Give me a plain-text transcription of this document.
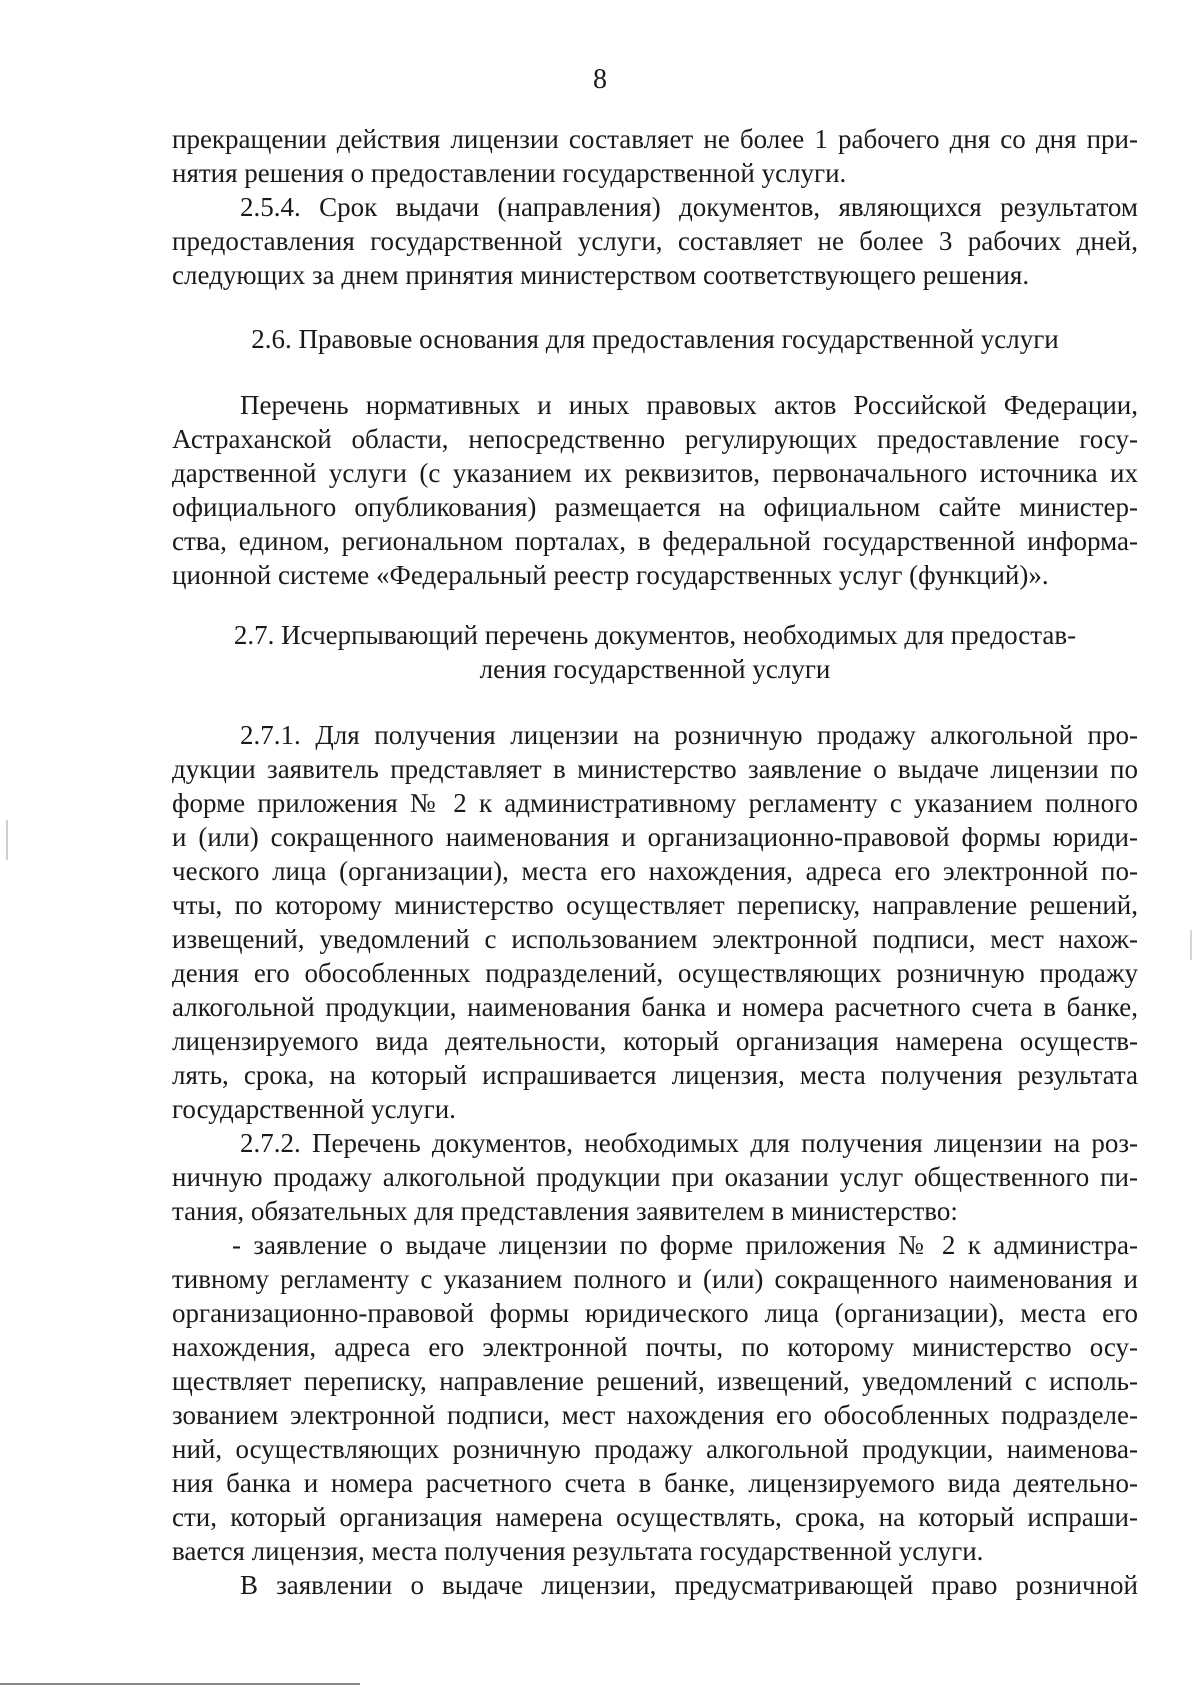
8
прекращении действия лицензии составляет не более 1 рабочего дня со дня при-
нятия решения о предоставлении государственной услуги.
2.5.4. Срок выдачи (направления) документов, являющихся результатом
предоставления государственной услуги, составляет не более 3 рабочих дней,
следующих за днем принятия министерством соответствующего решения.
Перечень нормативных и иных правовых актов Российской Федерации,
Астраханской области, непосредственно регулирующих предоставление госу-
дарственной услуги (с указанием их реквизитов, первоначального источника их
официального опубликования) размещается на официальном сайте министер-
ства, едином, региональном порталах, в федеральной государственной информа-
ционной системе «Федеральный реестр государственных услуг (функций)».
2.7.1. Для получения лицензии на розничную продажу алкогольной про-
дукции заявитель представляет в министерство заявление о выдаче лицензии по
форме приложения № 2 к административному регламенту с указанием полного
и (или) сокращенного наименования и организационно-правовой формы юриди-
ческого лица (организации), места его нахождения, адреса его электронной по-
чты, по которому министерство осуществляет переписку, направление решений,
извещений, уведомлений с использованием электронной подписи, мест нахож-
дения его обособленных подразделений, осуществляющих розничную продажу
алкогольной продукции, наименования банка и номера расчетного счета в банке,
лицензируемого вида деятельности, который организация намерена осуществ-
лять, срока, на который испрашивается лицензия, места получения результата
государственной услуги.
2.7.2. Перечень документов, необходимых для получения лицензии на роз-
ничную продажу алкогольной продукции при оказании услуг общественного пи-
тания, обязательных для представления заявителем в министерство:
- заявление о выдаче лицензии по форме приложения № 2 к администра-
тивному регламенту с указанием полного и (или) сокращенного наименования и
организационно-правовой формы юридического лица (организации), места его
нахождения, адреса его электронной почты, по которому министерство осу-
ществляет переписку, направление решений, извещений, уведомлений с исполь-
зованием электронной подписи, мест нахождения его обособленных подразделе-
ний, осуществляющих розничную продажу алкогольной продукции, наименова-
ния банка и номера расчетного счета в банке, лицензируемого вида деятельно-
сти, который организация намерена осуществлять, срока, на который испраши-
вается лицензия, места получения результата государственной услуги.
В заявлении о выдаче лицензии, предусматривающей право розничной
2.6. Правовые основания для предоставления государственной услуги
2.7. Исчерпывающий перечень документов, необходимых для предостав-
ления государственной услуги
